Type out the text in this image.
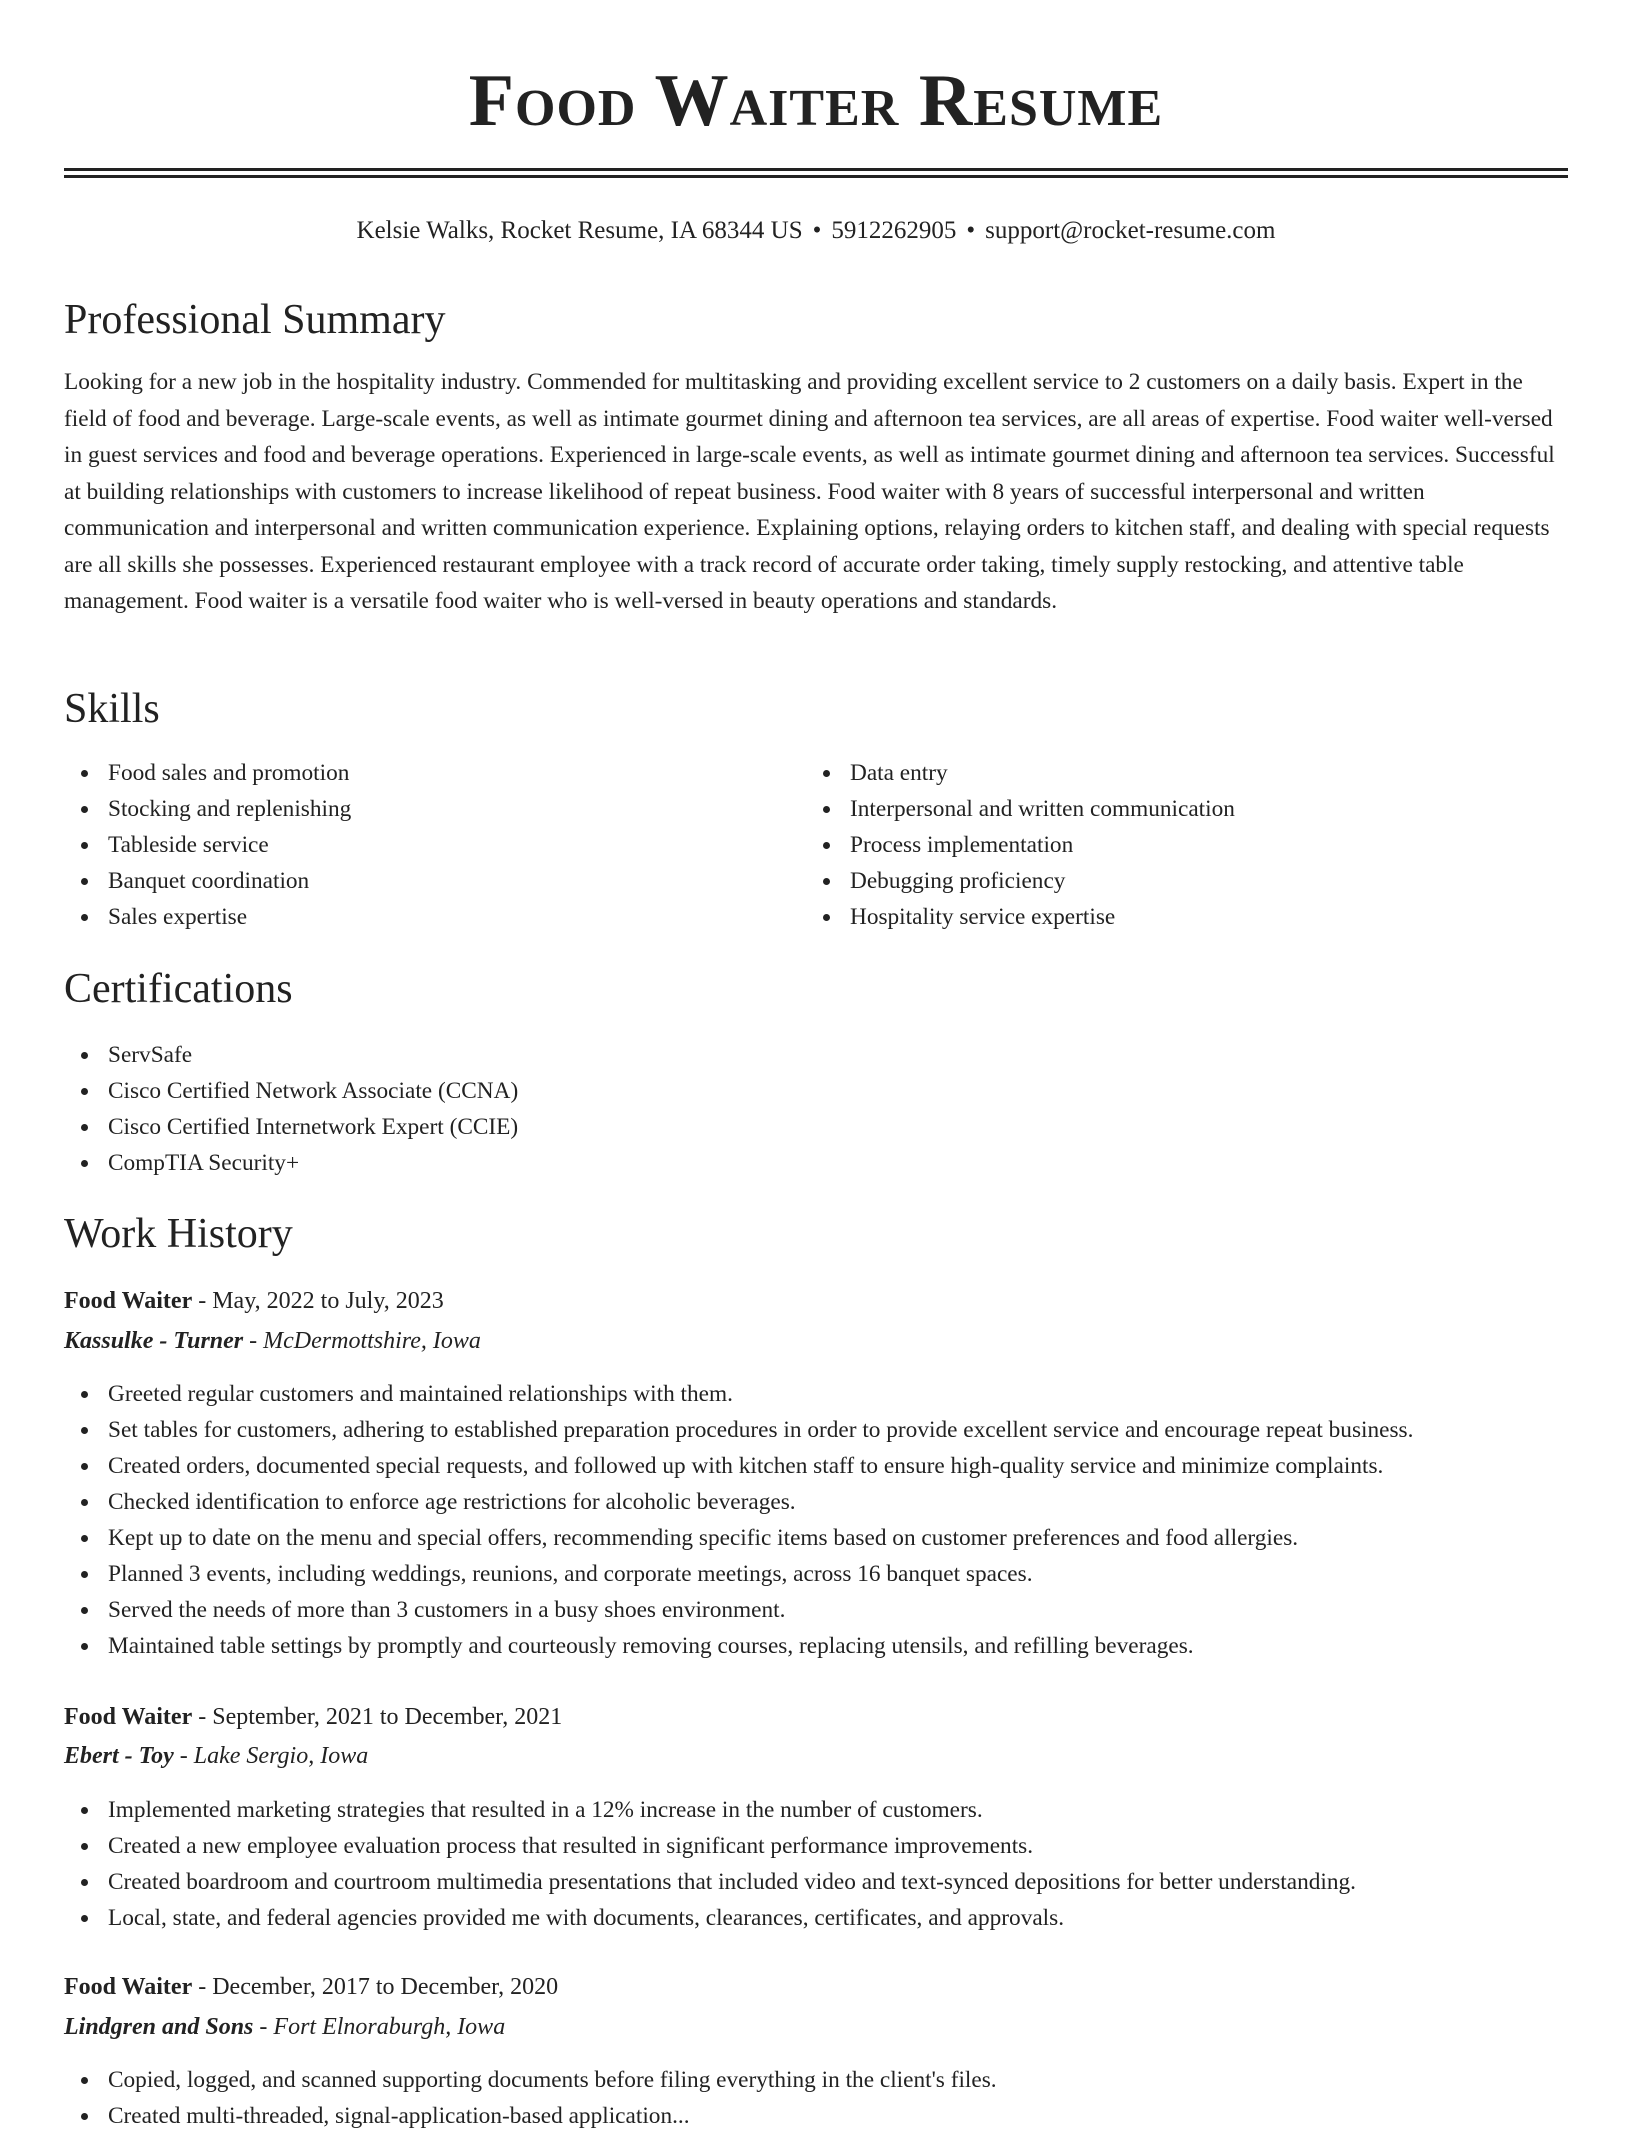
Food Waiter Resume
Kelsie Walks, Rocket Resume, IA 68344 US • 5912262905 • support@rocket-resume.com
Professional Summary

Looking for a new job in the hospitality industry. Commended for multitasking and providing excellent service to 2 customers on a daily basis. Expert in the field of food and beverage. Large-scale events, as well as intimate gourmet dining and afternoon tea services, are all areas of expertise. Food waiter well-versed in guest services and food and beverage operations. Experienced in large-scale events, as well as intimate gourmet dining and afternoon tea services. Successful at building relationships with customers to increase likelihood of repeat business. Food waiter with 8 years of successful interpersonal and written communication and interpersonal and written communication experience. Explaining options, relaying orders to kitchen staff, and dealing with special requests are all skills she possesses. Experienced restaurant employee with a track record of accurate order taking, timely supply restocking, and attentive table management. Food waiter is a versatile food waiter who is well-versed in beauty operations and standards.

Skills
Food sales and promotion
Stocking and replenishing
Tableside service
Banquet coordination
Sales expertise
Data entry
Interpersonal and written communication
Process implementation
Debugging proficiency
Hospitality service expertise
Certifications
ServSafe
Cisco Certified Network Associate (CCNA)
Cisco Certified Internetwork Expert (CCIE)
CompTIA Security+
Work History
Food Waiter - May, 2022 to July, 2023
Kassulke - Turner - McDermottshire, Iowa
Greeted regular customers and maintained relationships with them.
Set tables for customers, adhering to established preparation procedures in order to provide excellent service and encourage repeat business.
Created orders, documented special requests, and followed up with kitchen staff to ensure high-quality service and minimize complaints.
Checked identification to enforce age restrictions for alcoholic beverages.
Kept up to date on the menu and special offers, recommending specific items based on customer preferences and food allergies.
Planned 3 events, including weddings, reunions, and corporate meetings, across 16 banquet spaces.
Served the needs of more than 3 customers in a busy shoes environment.
Maintained table settings by promptly and courteously removing courses, replacing utensils, and refilling beverages.
Food Waiter - September, 2021 to December, 2021
Ebert - Toy - Lake Sergio, Iowa
Implemented marketing strategies that resulted in a 12% increase in the number of customers.
Created a new employee evaluation process that resulted in significant performance improvements.
Created boardroom and courtroom multimedia presentations that included video and text-synced depositions for better understanding.
Local, state, and federal agencies provided me with documents, clearances, certificates, and approvals.
Food Waiter - December, 2017 to December, 2020
Lindgren and Sons - Fort Elnoraburgh, Iowa
Copied, logged, and scanned supporting documents before filing everything in the client's files.
Created multi-threaded, signal-application-based application...
